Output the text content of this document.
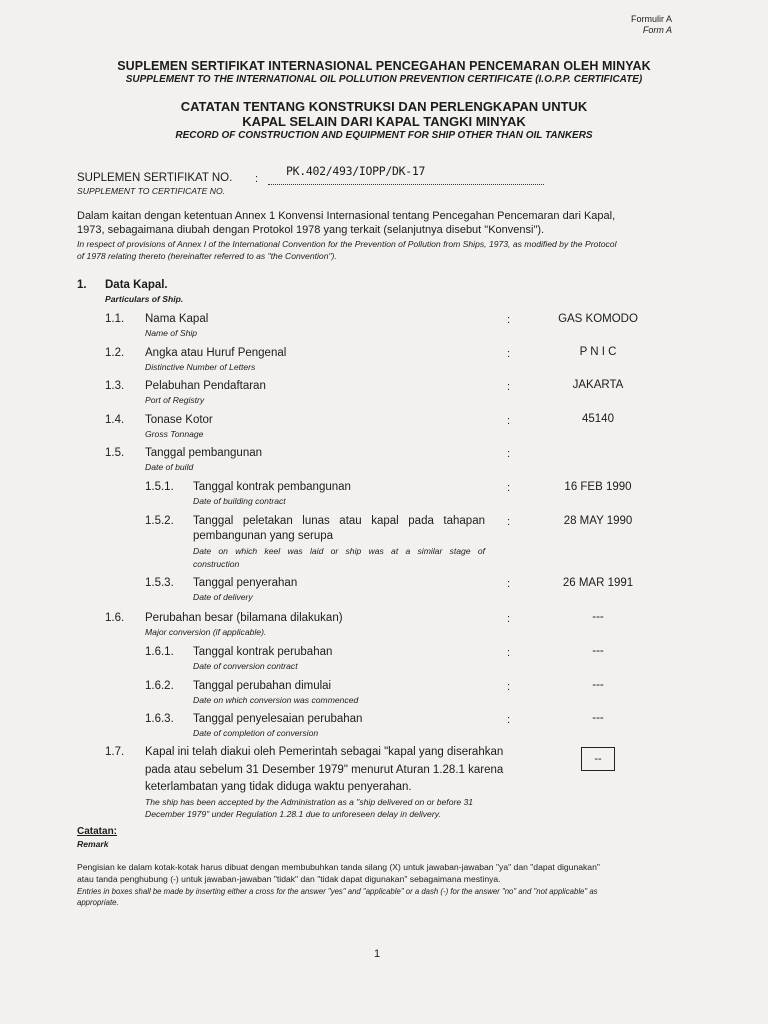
Formulir A
Form A
SUPLEMEN SERTIFIKAT INTERNASIONAL PENCEGAHAN PENCEMARAN OLEH MINYAK
SUPPLEMENT TO THE INTERNATIONAL OIL POLLUTION PREVENTION CERTIFICATE (I.O.P.P. CERTIFICATE)
CATATAN TENTANG KONSTRUKSI DAN PERLENGKAPAN UNTUK
KAPAL SELAIN DARI KAPAL TANGKI MINYAK
RECORD OF CONSTRUCTION AND EQUIPMENT FOR SHIP OTHER THAN OIL TANKERS
SUPLEMEN SERTIFIKAT NO.
SUPPLEMENT TO CERTIFICATE NO.
:
PK.402/493/IOPP/DK-17
Dalam kaitan dengan ketentuan Annex 1 Konvensi Internasional tentang Pencegahan Pencemaran dari Kapal,
1973, sebagaimana diubah dengan Protokol 1978 yang terkait (selanjutnya disebut "Konvensi").
In respect of provisions of Annex I of the International Convention for the Prevention of Pollution from Ships, 1973, as modified by the Protocol
of 1978 relating thereto (hereinafter referred to as "the Convention").
1. Data Kapal.
Particulars of Ship.
1.1. Nama Kapal
Name of Ship
:	GAS KOMODO
1.2. Angka atau Huruf Pengenal
Distinctive Number of Letters
:	P N I C
1.3. Pelabuhan Pendaftaran
Port of Registry
:	JAKARTA
1.4. Tonase Kotor
Gross Tonnage
:	45140
1.5. Tanggal pembangunan
Date of build
:
1.5.1. Tanggal kontrak pembangunan
Date of building contract
:	16 FEB 1990
1.5.2. Tanggal peletakan lunas atau kapal pada tahapan
pembangunan yang serupa
Date on which keel was laid or ship was at a similar stage of
construction
:	28 MAY 1990
1.5.3. Tanggal penyerahan
Date of delivery
:	26 MAR 1991
1.6. Perubahan besar (bilamana dilakukan)
Major conversion (if applicable).
:	---
1.6.1. Tanggal kontrak perubahan
Date of conversion contract
:	---
1.6.2. Tanggal perubahan dimulai
Date on which conversion was commenced
:	---
1.6.3. Tanggal penyelesaian perubahan
Date of completion of conversion
:	---
1.7. Kapal ini telah diakui oleh Pemerintah sebagai "kapal yang diserahkan
pada atau sebelum 31 Desember 1979" menurut Aturan 1.28.1 karena
keterlambatan yang tidak diduga waktu penyerahan.
The ship has been accepted by the Administration as a "ship delivered on or before 31
December 1979" under Regulation 1.28.1 due to unforeseen delay in delivery.
--
Catatan:
Remark
Pengisian ke dalam kotak-kotak harus dibuat dengan membubuhkan tanda silang (X) untuk jawaban-jawaban "ya" dan "dapat digunakan"
atau tanda penghubung (-) untuk jawaban-jawaban "tidak" dan "tidak dapat digunakan" sebagaimana mestinya.
Entries in boxes shall be made by inserting either a cross for the answer "yes" and "applicable" or a dash (-) for the answer "no" and "not applicable" as
appropriate.
1
